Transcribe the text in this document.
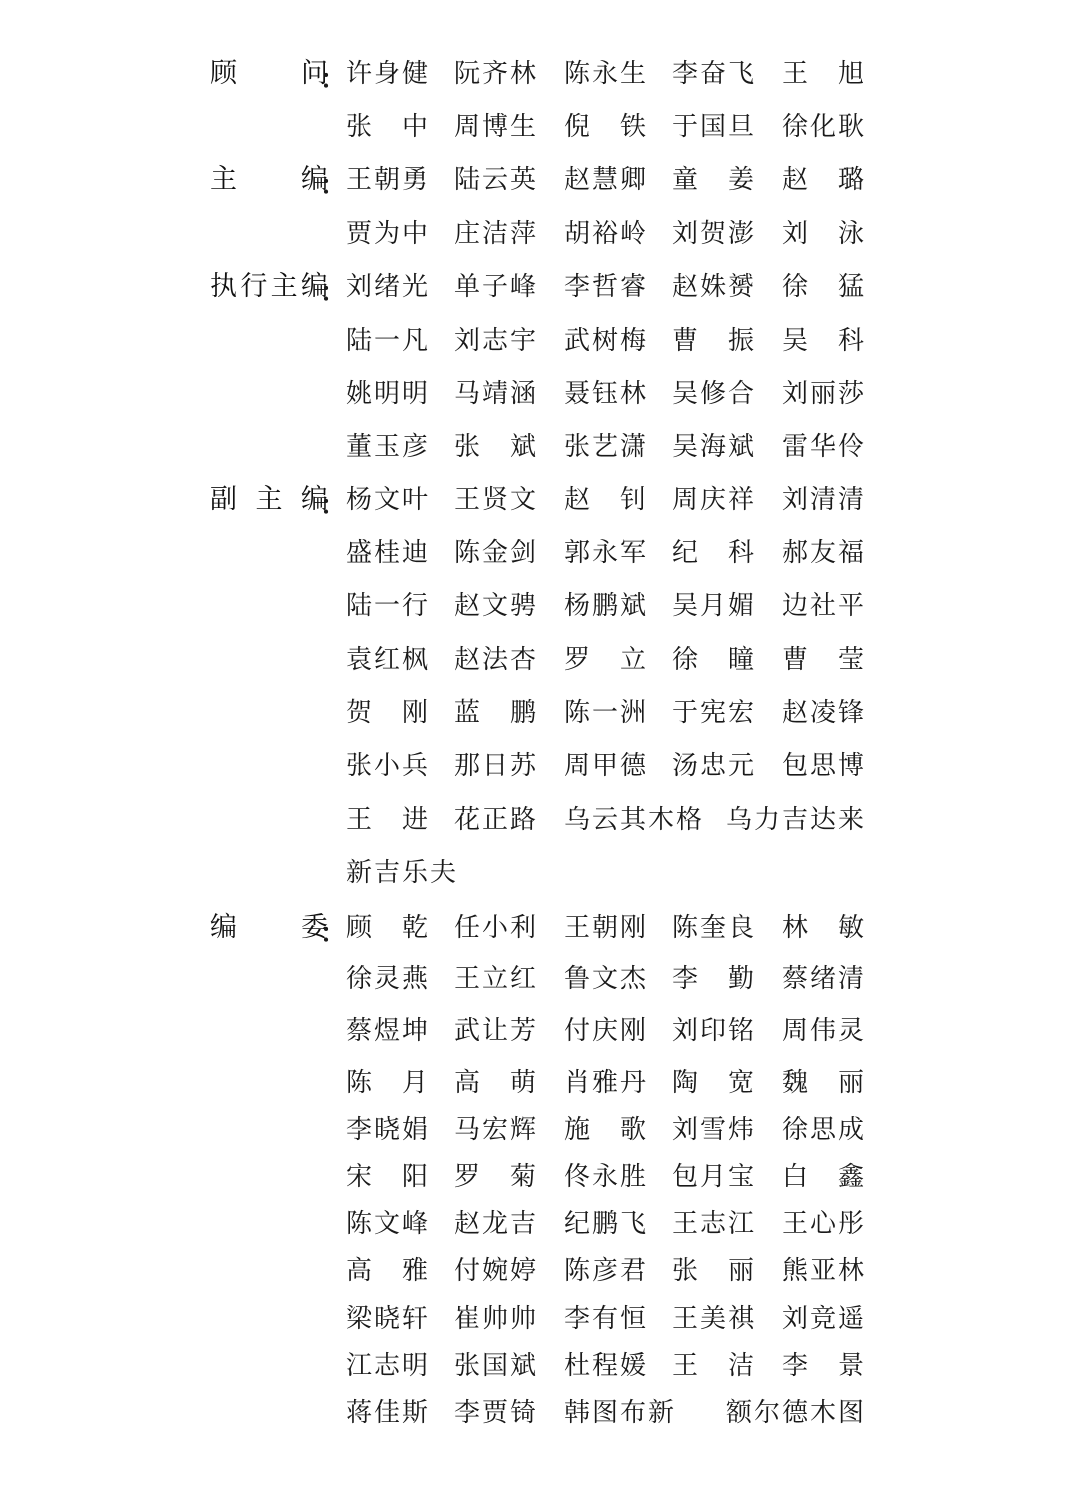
顾 问
： 许身健 阮齐林 陈永生 李奋飞 王　旭
张　中 周博生 倪　铁 于国旦 徐化耿
主 编
： 王朝勇 陆云英 赵慧卿 童　姜 赵　璐
贾为中 庄洁萍 胡裕岭 刘贺澎 刘　泳
执 行 主 编
： 刘绪光 单子峰 李哲睿 赵姝赟 徐　猛
陆一凡 刘志宇 武树梅 曹　振 吴　科
姚明明 马靖涵 聂钰林 吴修合 刘丽莎
董玉彦 张　斌 张艺潇 吴海斌 雷华伶
副 主 编
： 杨文叶 王贤文 赵　钊 周庆祥 刘清清
盛桂迪 陈金剑 郭永军 纪　科 郝友福
陆一行 赵文骋 杨鹏斌 吴月媚 边社平
袁红枫 赵法杏 罗　立 徐　瞳 曹　莹
贺　刚 蓝　鹏 陈一洲 于宪宏 赵凌锋
张小兵 那日苏 周甲德 汤忠元 包思博
王　进 花正路 乌云其木格 乌力吉达来
新吉乐夫
编 委
： 顾　乾 任小利 王朝刚 陈奎良 林　敏
徐灵燕 王立红 鲁文杰 李　勤 蔡绪清
蔡煜坤 武让芳 付庆刚 刘印铭 周伟灵
陈　月 高　萌 肖雅丹 陶　宽 魏　丽
李晓娟 马宏辉 施　歌 刘雪炜 徐思成
宋　阳 罗　菊 佟永胜 包月宝 白　鑫
陈文峰 赵龙吉 纪鹏飞 王志江 王心彤
高　雅 付婉婷 陈彦君 张　丽 熊亚林
梁晓轩 崔帅帅 李有恒 王美祺 刘竞遥
江志明 张国斌 杜程媛 王　洁 李　景
蒋佳斯 李贾锜 韩图布新 额尔德木图
